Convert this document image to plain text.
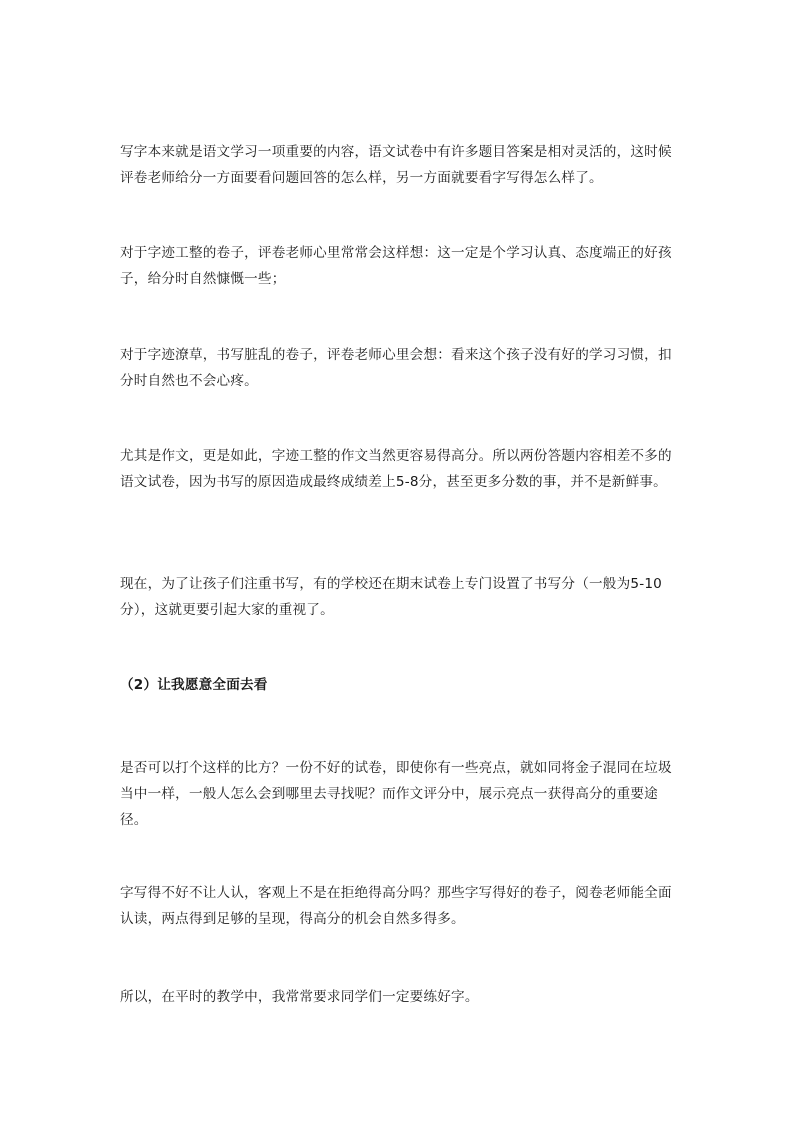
写字本来就是语文学习一项重要的内容，语文试卷中有许多题目答案是相对灵活的，这时候评卷老师给分一方面要看问题回答的怎么样，另一方面就要看字写得怎么样了。

对于字迹工整的卷子，评卷老师心里常常会这样想：这一定是个学习认真、态度端正的好孩子，给分时自然慷慨一些；

对于字迹潦草，书写脏乱的卷子，评卷老师心里会想：看来这个孩子没有好的学习习惯，扣分时自然也不会心疼。

尤其是作文，更是如此，字迹工整的作文当然更容易得高分。所以两份答题内容相差不多的语文试卷，因为书写的原因造成最终成绩差上5-8分，甚至更多分数的事，并不是新鲜事。

现在，为了让孩子们注重书写，有的学校还在期末试卷上专门设置了书写分（一般为5-10分），这就更要引起大家的重视了。

（2）让我愿意全面去看

是否可以打个这样的比方？一份不好的试卷，即使你有一些亮点，就如同将金子混同在垃圾当中一样，一般人怎么会到哪里去寻找呢？而作文评分中，展示亮点一获得高分的重要途径。

字写得不好不让人认，客观上不是在拒绝得高分吗？那些字写得好的卷子，阅卷老师能全面认读，两点得到足够的呈现，得高分的机会自然多得多。

所以，在平时的教学中，我常常要求同学们一定要练好字。
